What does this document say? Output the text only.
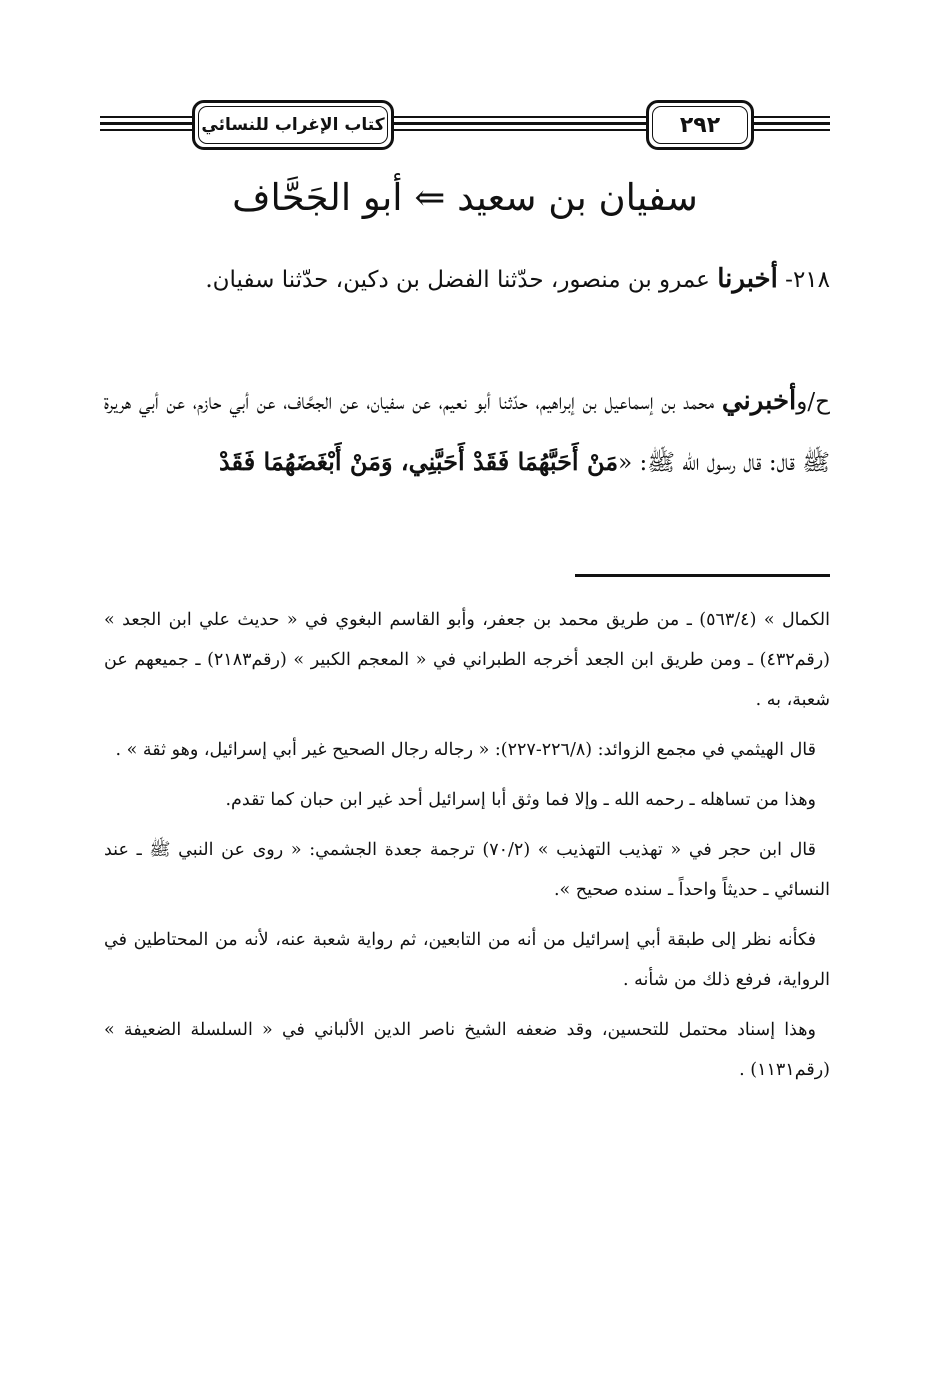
٢٩٢
كتاب الإغراب للنسائي
سفيان بن سعيد ⇐ أبو الجَحَّاف
٢١٨- أخبرنا عمرو بن منصور، حدّثنا الفضل بن دكين، حدّثنا سفيان.
ح/وأخبرني محمد بن إسماعيل بن إبراهيم، حدّثنا أبو نعيم، عن سفيان، عن الجحَّاف، عن أبي حازم، عن أبي هريرة ﷺ قال: قال رسول الله ﷺ: «مَنْ أَحَبَّهُمَا فَقَدْ أَحَبَّنِي، وَمَنْ أَبْغَضَهُمَا فَقَدْ

الكمال » (٥٦٣/٤) ـ من طريق محمد بن جعفر، وأبو القاسم البغوي في « حديث علي ابن الجعد » (رقم٤٣٢) ـ ومن طريق ابن الجعد أخرجه الطبراني في « المعجم الكبير » (رقم٢١٨٣) ـ جميعهم عن شعبة، به .

قال الهيثمي في مجمع الزوائد: (٢٢٦/٨-٢٢٧): « رجاله رجال الصحيح غير أبي إسرائيل، وهو ثقة » .

وهذا من تساهله ـ رحمه الله ـ وإلا فما وثق أبا إسرائيل أحد غير ابن حبان كما تقدم.

قال ابن حجر في « تهذيب التهذيب » (٧٠/٢) ترجمة جعدة الجشمي: « روى عن النبي ﷺ ـ عند النسائي ـ حديثاً واحداً ـ سنده صحيح ».

فكأنه نظر إلى طبقة أبي إسرائيل من أنه من التابعين، ثم رواية شعبة عنه، لأنه من المحتاطين في الرواية، فرفع ذلك من شأنه .

وهذا إسناد محتمل للتحسين، وقد ضعفه الشيخ ناصر الدين الألباني في « السلسلة الضعيفة » (رقم١١٣١) .
